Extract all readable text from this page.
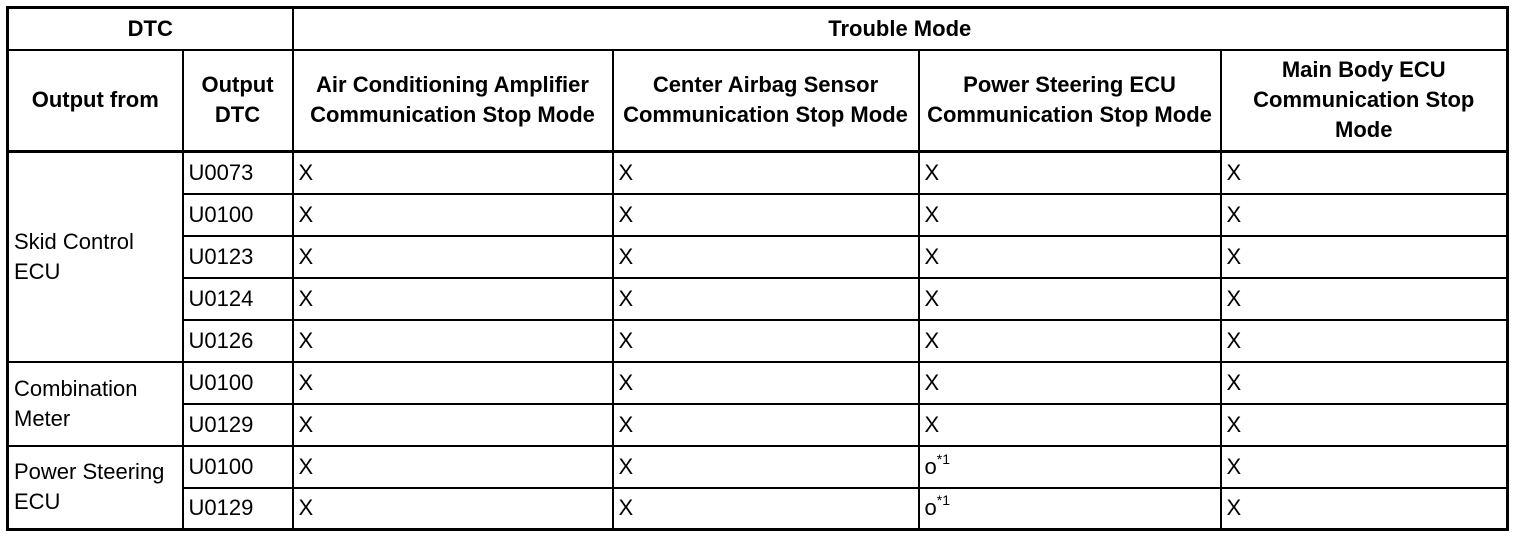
DTC		Trouble Mode			
Output from	Output DTC	Air Conditioning Amplifier Communication Stop Mode	Center Airbag Sensor Communication Stop Mode	Power Steering ECU Communication Stop Mode	Main Body ECU Communication Stop Mode
Skid Control ECU	U0073	X	X	X	X
	U0100	X	X	X	X
	U0123	X	X	X	X
	U0124	X	X	X	X
	U0126	X	X	X	X
Combination Meter	U0100	X	X	X	X
	U0129	X	X	X	X
Power Steering ECU	U0100	X	X	$o^{*1}$	X
	U0129	X	X	$o^{*1}$	X
